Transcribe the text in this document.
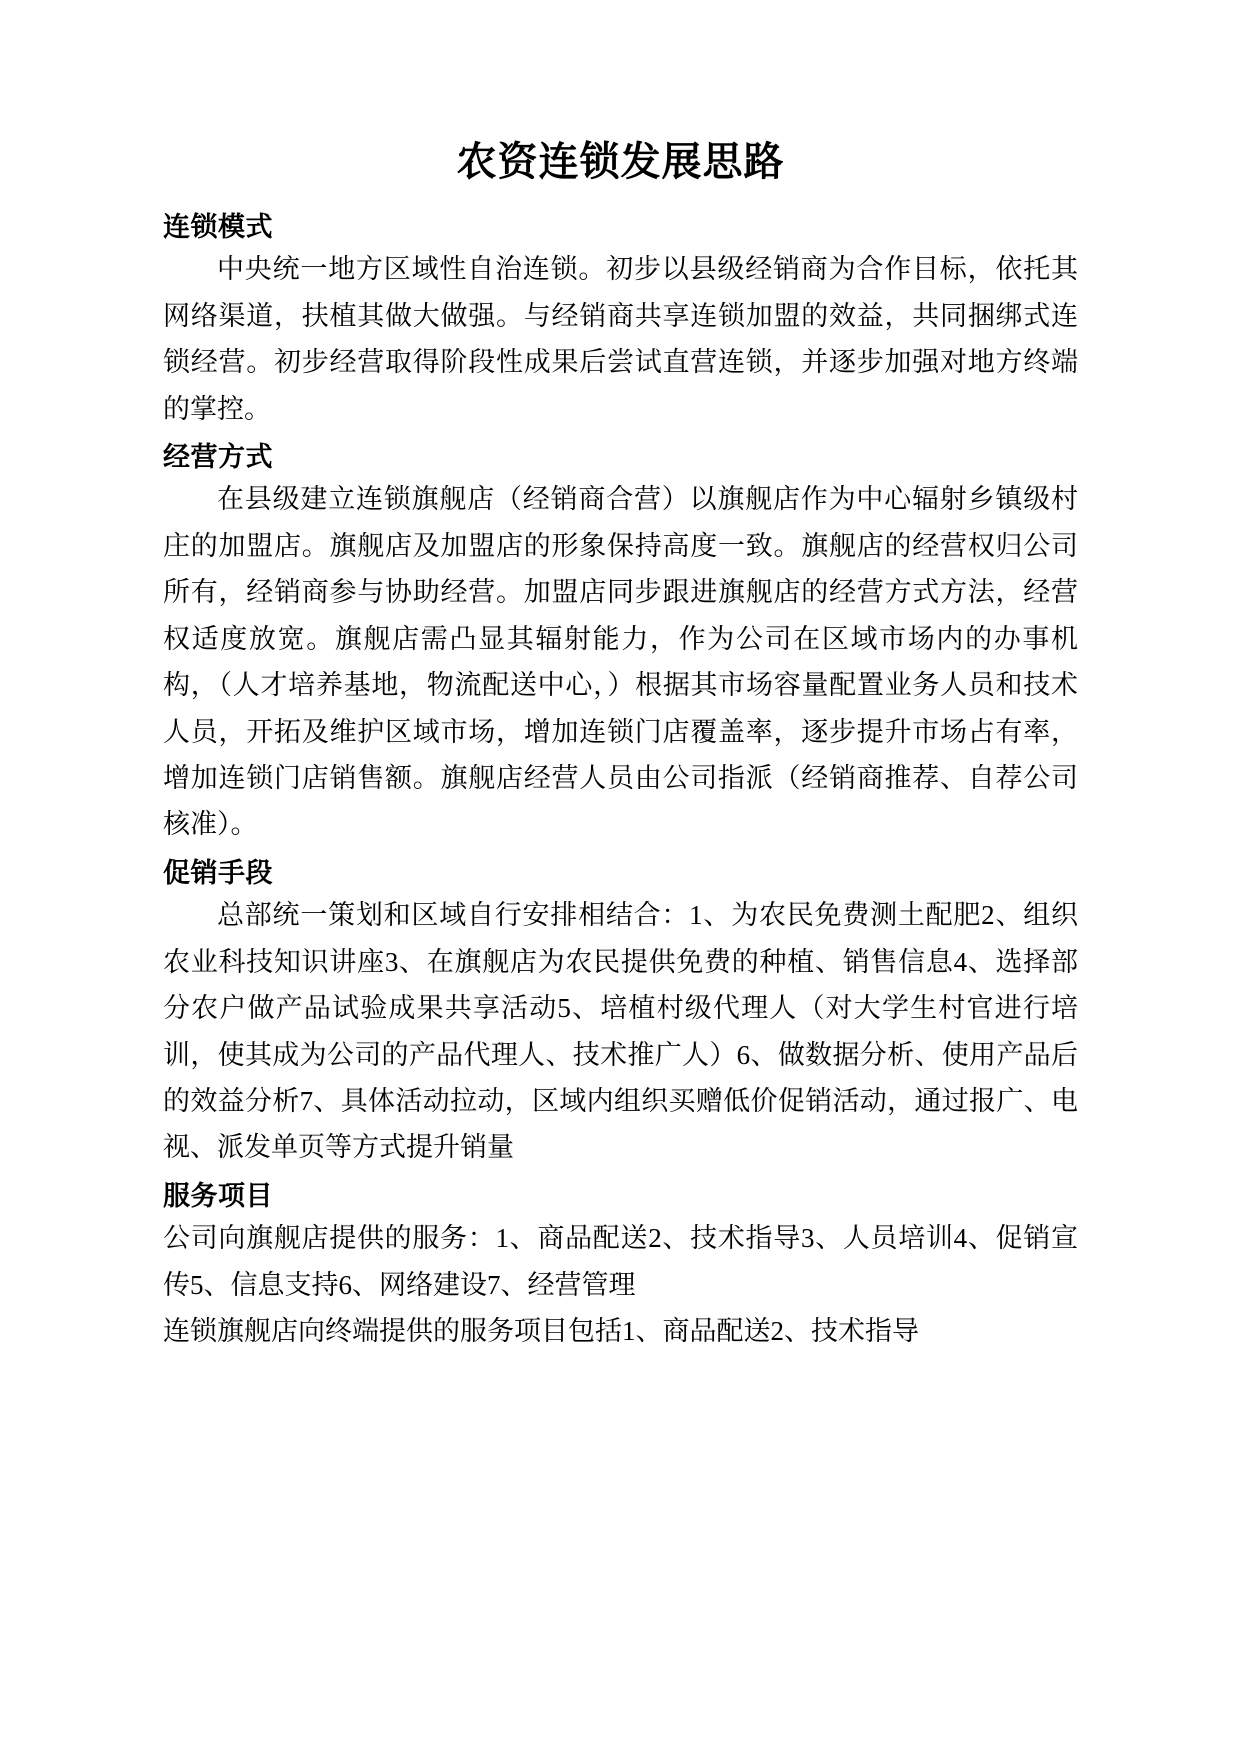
农资连锁发展思路
连锁模式

中央统一地方区域性自治连锁。初步以县级经销商为合作目标，依托其网络渠道，扶植其做大做强。与经销商共享连锁加盟的效益，共同捆绑式连锁经营。初步经营取得阶段性成果后尝试直营连锁，并逐步加强对地方终端的掌控。

经营方式

在县级建立连锁旗舰店（经销商合营）以旗舰店作为中心辐射乡镇级村庄的加盟店。旗舰店及加盟店的形象保持高度一致。旗舰店的经营权归公司所有，经销商参与协助经营。加盟店同步跟进旗舰店的经营方式方法，经营权适度放宽。旗舰店需凸显其辐射能力，作为公司在区域市场内的办事机构，（人才培养基地，物流配送中心，）根据其市场容量配置业务人员和技术人员，开拓及维护区域市场，增加连锁门店覆盖率，逐步提升市场占有率，增加连锁门店销售额。旗舰店经营人员由公司指派（经销商推荐、自荐公司核准）。

促销手段

总部统一策划和区域自行安排相结合：1、为农民免费测土配肥2、组织农业科技知识讲座3、在旗舰店为农民提供免费的种植、销售信息4、选择部分农户做产品试验成果共享活动5、培植村级代理人（对大学生村官进行培训，使其成为公司的产品代理人、技术推广人）6、做数据分析、使用产品后的效益分析7、具体活动拉动，区域内组织买赠低价促销活动，通过报广、电视、派发单页等方式提升销量

服务项目

公司向旗舰店提供的服务：1、商品配送2、技术指导3、人员培训4、促销宣传5、信息支持6、网络建设7、经营管理

连锁旗舰店向终端提供的服务项目包括1、商品配送2、技术指导
